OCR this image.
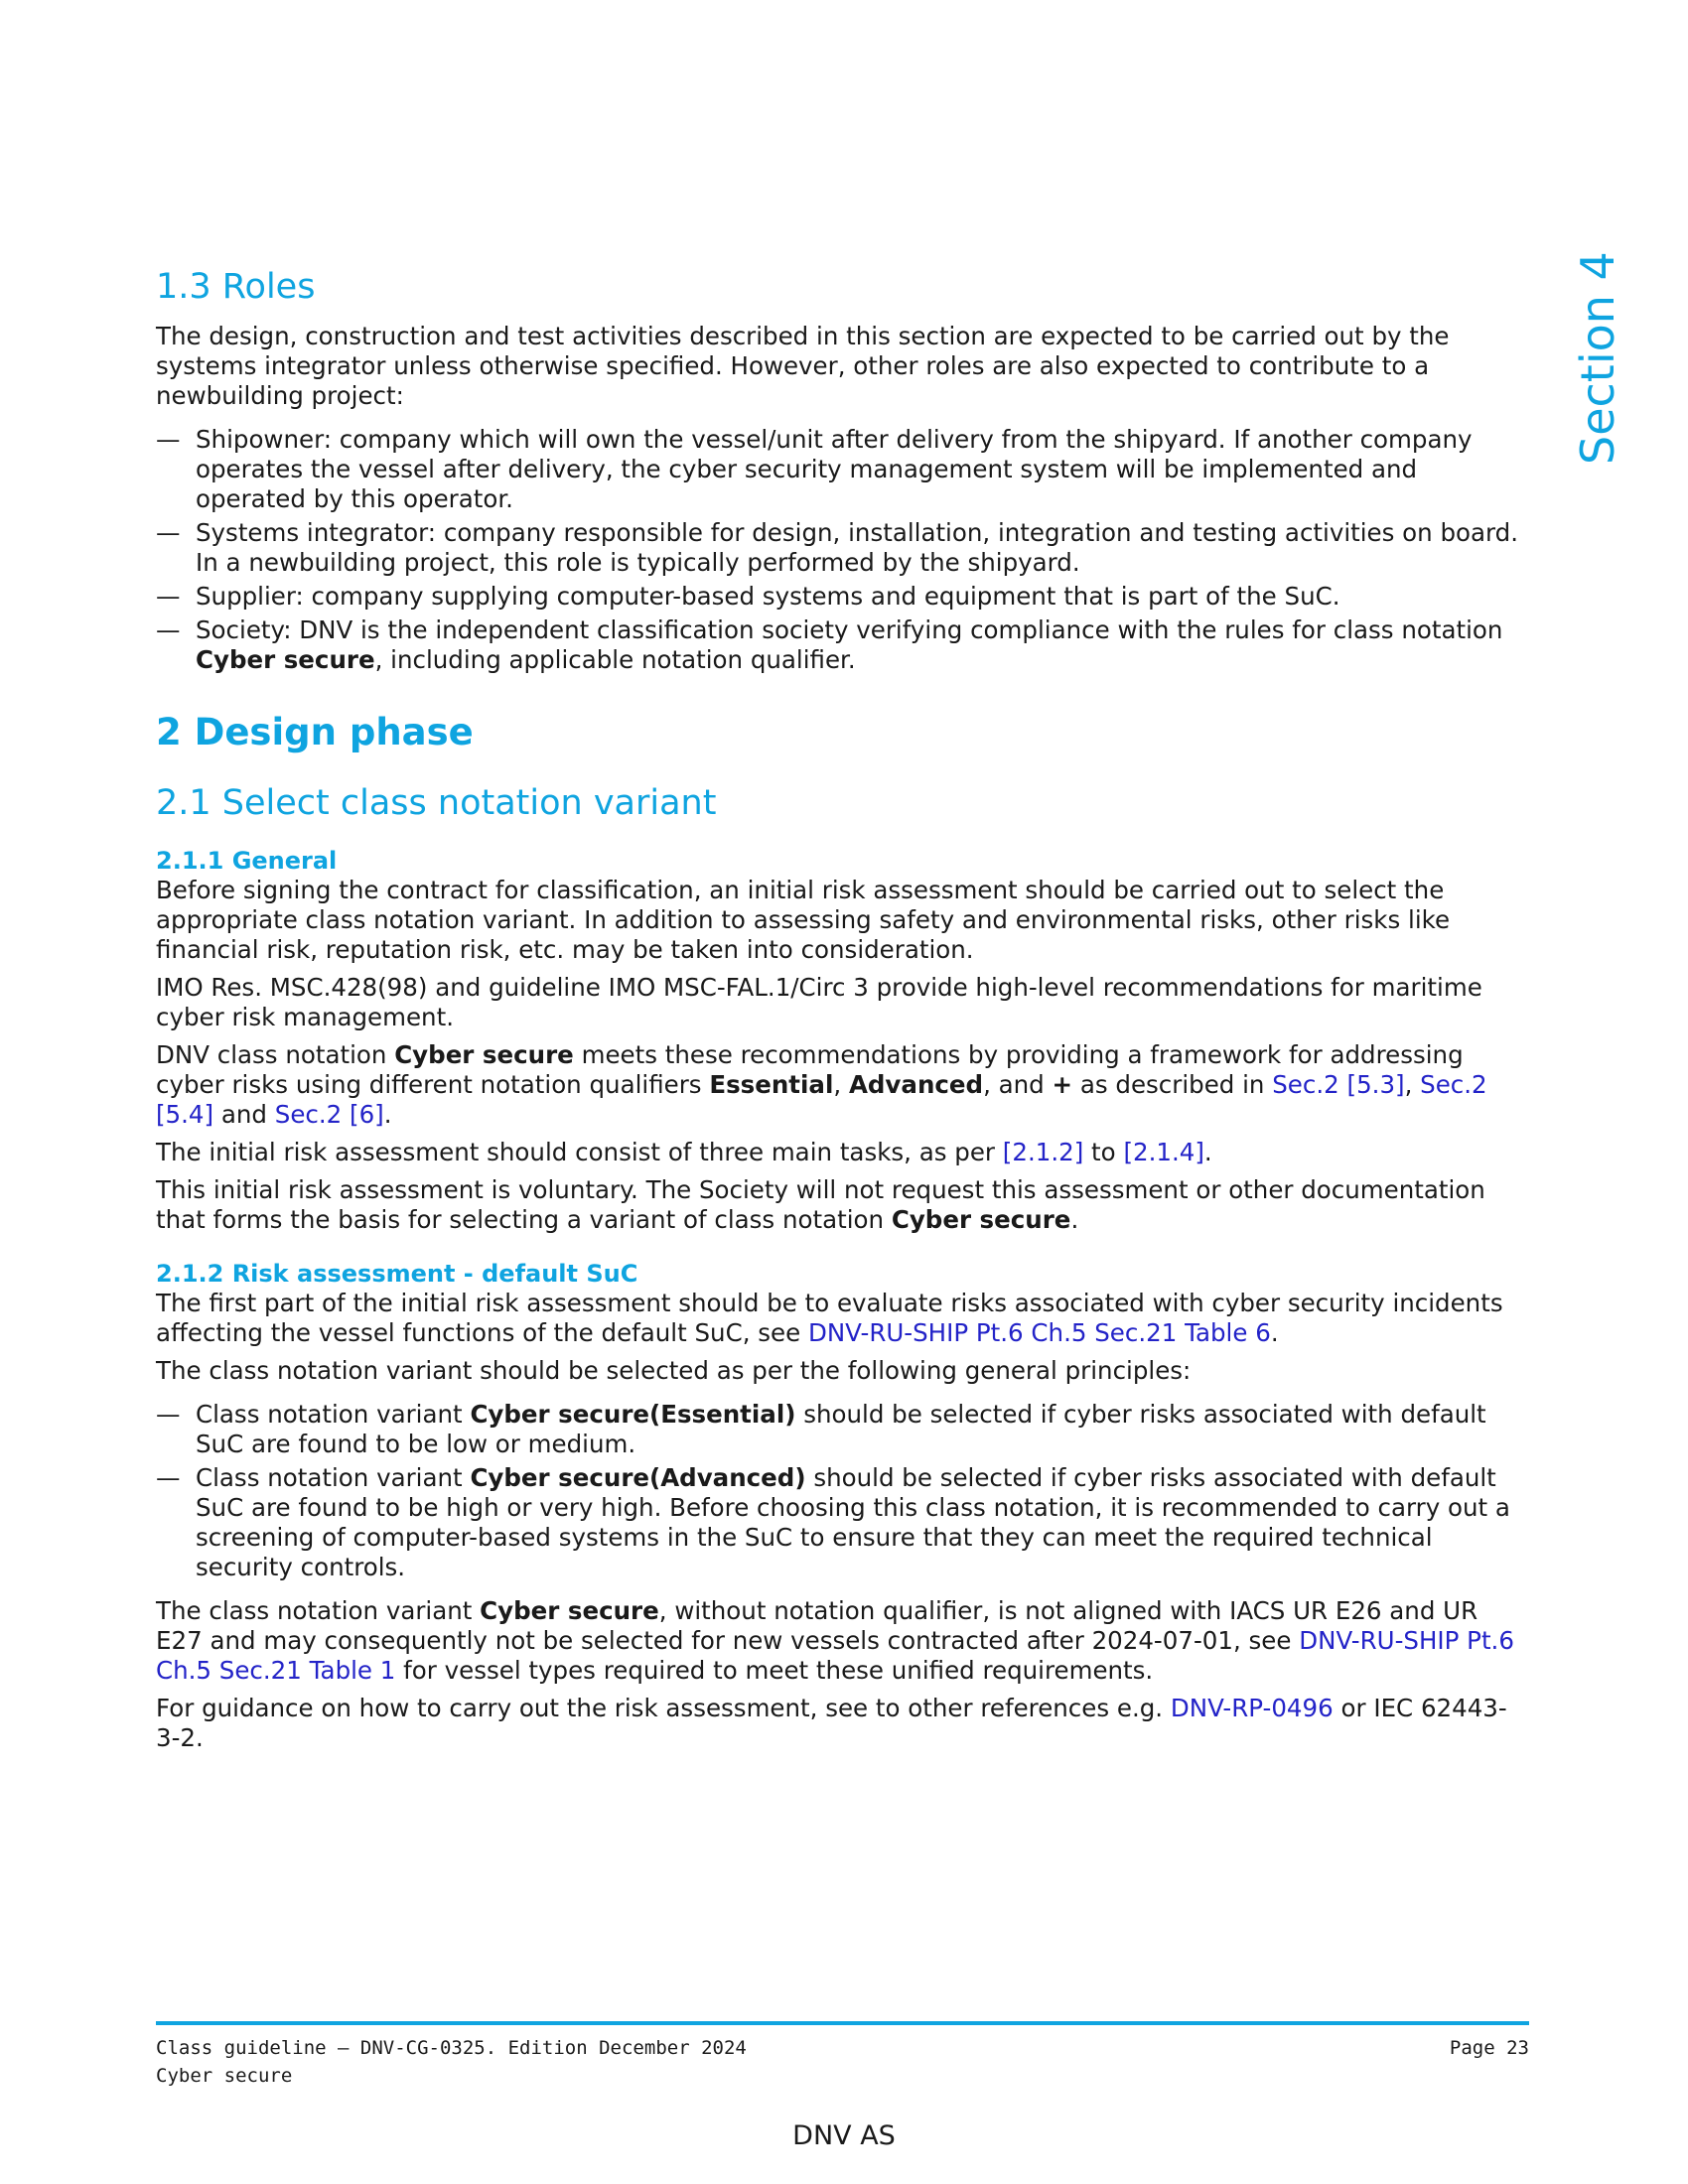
Section 4
1.3 Roles

The design, construction and test activities described in this section are expected to be carried out by the systems integrator unless otherwise specified. However, other roles are also expected to contribute to a newbuilding project:

— Shipowner: company which will own the vessel/unit after delivery from the shipyard. If another company operates the vessel after delivery, the cyber security management system will be implemented and operated by this operator.
— Systems integrator: company responsible for design, installation, integration and testing activities on board. In a newbuilding project, this role is typically performed by the shipyard.
— Supplier: company supplying computer-based systems and equipment that is part of the SuC.
— Society: DNV is the independent classification society verifying compliance with the rules for class notation Cyber secure, including applicable notation qualifier.
2 Design phase
2.1 Select class notation variant
2.1.1 General

Before signing the contract for classification, an initial risk assessment should be carried out to select the appropriate class notation variant. In addition to assessing safety and environmental risks, other risks like financial risk, reputation risk, etc. may be taken into consideration.

IMO Res. MSC.428(98) and guideline IMO MSC-FAL.1/Circ 3 provide high-level recommendations for maritime cyber risk management.

DNV class notation Cyber secure meets these recommendations by providing a framework for addressing cyber risks using different notation qualifiers Essential, Advanced, and + as described in Sec.2 [5.3], Sec.2 [5.4] and Sec.2 [6].

The initial risk assessment should consist of three main tasks, as per [2.1.2] to [2.1.4].

This initial risk assessment is voluntary. The Society will not request this assessment or other documentation that forms the basis for selecting a variant of class notation Cyber secure.

2.1.2 Risk assessment - default SuC

The first part of the initial risk assessment should be to evaluate risks associated with cyber security incidents affecting the vessel functions of the default SuC, see DNV-RU-SHIP Pt.6 Ch.5 Sec.21 Table 6.

The class notation variant should be selected as per the following general principles:

— Class notation variant Cyber secure(Essential) should be selected if cyber risks associated with default SuC are found to be low or medium.
— Class notation variant Cyber secure(Advanced) should be selected if cyber risks associated with default SuC are found to be high or very high. Before choosing this class notation, it is recommended to carry out a screening of computer-based systems in the SuC to ensure that they can meet the required technical security controls.

The class notation variant Cyber secure, without notation qualifier, is not aligned with IACS UR E26 and UR E27 and may consequently not be selected for new vessels contracted after 2024-07-01, see DNV-RU-SHIP Pt.6 Ch.5 Sec.21 Table 1 for vessel types required to meet these unified requirements.

For guidance on how to carry out the risk assessment, see to other references e.g. DNV-RP-0496 or IEC 62443-3-2.

Class guideline — DNV-CG-0325. Edition December 2024
Cyber secure
Page 23
DNV AS
